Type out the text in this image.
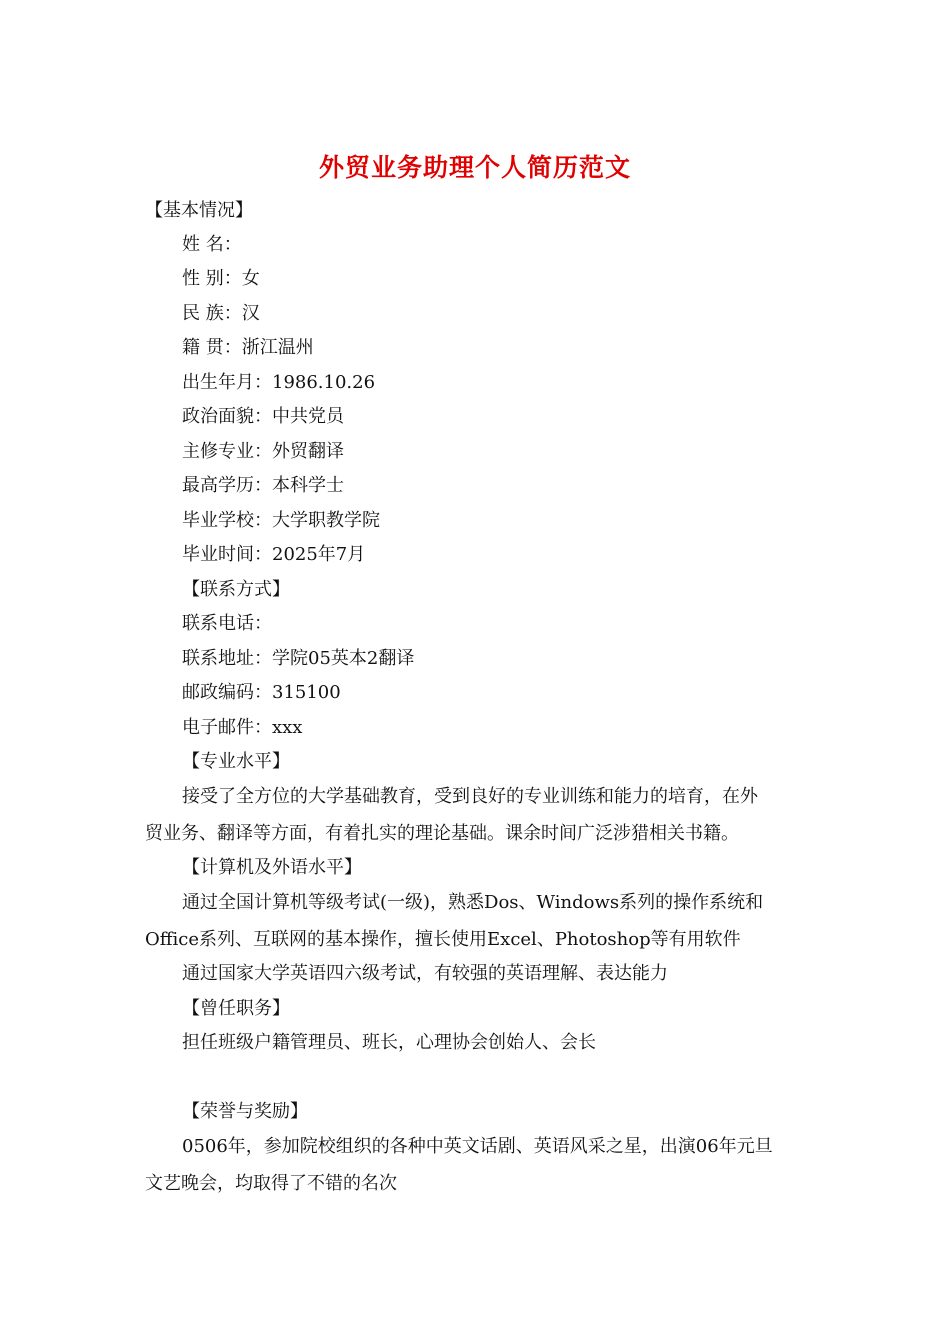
外贸业务助理个人简历范文
【基本情况】
姓 名：
性 别：女
民 族：汉
籍 贯：浙江温州
出生年月：1986.10.26
政治面貌：中共党员
主修专业：外贸翻译
最高学历：本科学士
毕业学校：大学职教学院
毕业时间：2025年7月
【联系方式】
联系电话：
联系地址：学院05英本2翻译
邮政编码：315100
电子邮件：xxx
【专业水平】
接受了全方位的大学基础教育，受到良好的专业训练和能力的培育，在外
贸业务、翻译等方面，有着扎实的理论基础。课余时间广泛涉猎相关书籍。
【计算机及外语水平】
通过全国计算机等级考试(一级)，熟悉Dos、Windows系列的操作系统和
Office系列、互联网的基本操作，擅长使用Excel、Photoshop等有用软件
通过国家大学英语四六级考试，有较强的英语理解、表达能力
【曾任职务】
担任班级户籍管理员、班长，心理协会创始人、会长
【荣誉与奖励】
0506年，参加院校组织的各种中英文话剧、英语风采之星，出演06年元旦
文艺晚会，均取得了不错的名次
